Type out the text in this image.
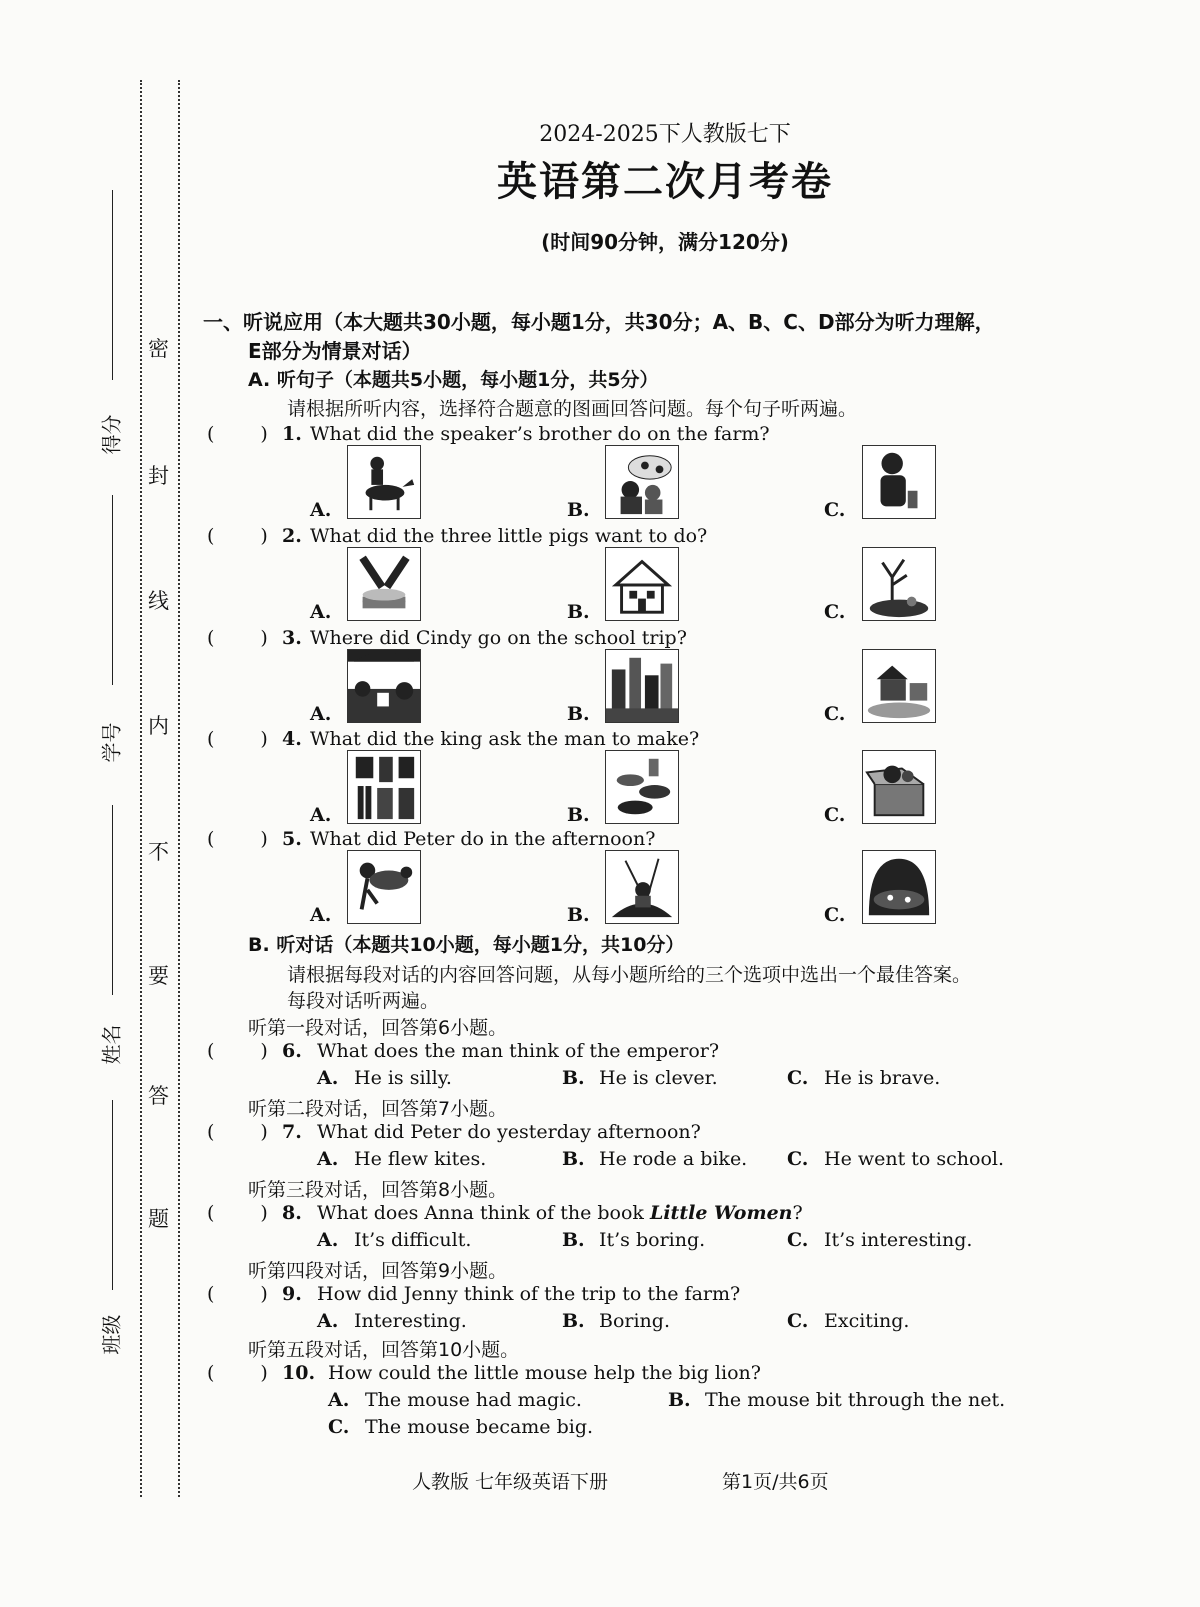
得分
学号
姓名
班级
密
封
线
内
不
要
答
题
2024-2025下人教版七下
英语第二次月考卷
(时间90分钟，满分120分)
一、听说应用（本大题共30小题，每小题1分，共30分；A、B、C、D部分为听力理解，
E部分为情景对话）
A. 听句子（本题共5小题，每小题1分，共5分）
请根据所听内容，选择符合题意的图画回答问题。每个句子听两遍。
( ) 1. What did the speaker’s brother do on the farm?
A.	B.	C.
( ) 2. What did the three little pigs want to do?
A.	B.	C.
( ) 3. Where did Cindy go on the school trip?
A.	B.	C.
( ) 4. What did the king ask the man to make?
A.	B.	C.
( ) 5. What did Peter do in the afternoon?
A.	B.	C.
B. 听对话（本题共10小题，每小题1分，共10分）
请根据每段对话的内容回答问题，从每小题所给的三个选项中选出一个最佳答案。
每段对话听两遍。
听第一段对话，回答第6小题。
( ) 6. What does the man think of the emperor?
A. He is silly.	B. He is clever.	C. He is brave.
听第二段对话，回答第7小题。
( ) 7. What did Peter do yesterday afternoon?
A. He flew kites.	B. He rode a bike. C. He went to school.
听第三段对话，回答第8小题。
( ) 8. What does Anna think of the book Little Women?
A. It’s difficult.	B. It’s boring.	C. It’s interesting.
听第四段对话，回答第9小题。
( ) 9. How did Jenny think of the trip to the farm?
A. Interesting.	B. Boring.	C. Exciting.
听第五段对话，回答第10小题。
( ) 10. How could the little mouse help the big lion?
A. The mouse had magic.	B. The mouse bit through the net.
C. The mouse became big.
人教版 七年级英语下册	第1页/共6页
